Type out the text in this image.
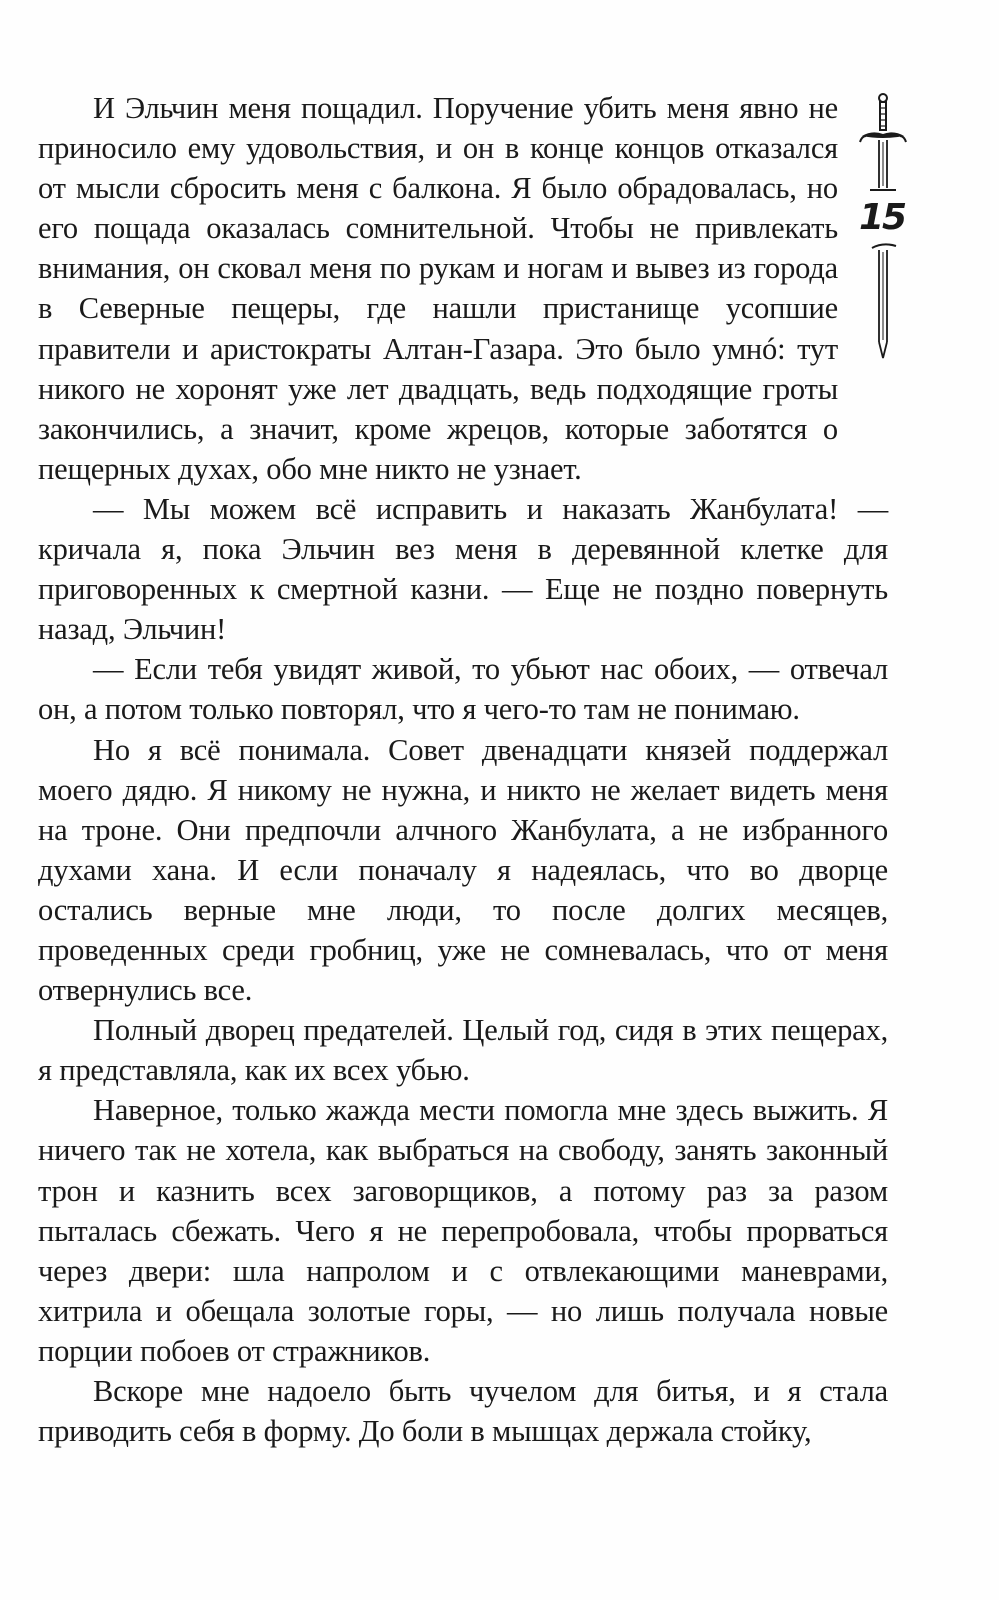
15

И Эльчин меня пощадил. Поручение убить меня явно не приносило ему удовольствия, и он в конце концов отказался от мысли сбросить меня с балкона. Я было обрадовалась, но его пощада оказалась сомнительной. Чтобы не привлекать внимания, он сковал меня по рукам и ногам и вывез из города в Северные пещеры, где нашли пристанище усопшие правители и аристократы Алтан-Газара. Это было умнó: тут никого не хоронят уже лет двадцать, ведь подходящие гроты закончились, а значит, кроме жрецов, которые заботятся о пещерных духах, обо мне никто не узнает.

— Мы можем всё исправить и наказать Жанбулата! — кричала я, пока Эльчин вез меня в деревянной клетке для приговоренных к смертной казни. — Еще не поздно повернуть назад, Эльчин!

— Если тебя увидят живой, то убьют нас обоих, — отвечал он, а потом только повторял, что я чего-то там не понимаю.

Но я всё понимала. Совет двенадцати князей поддержал моего дядю. Я никому не нужна, и никто не желает видеть меня на троне. Они предпочли алчного Жанбулата, а не избранного духами хана. И если поначалу я надеялась, что во дворце остались верные мне люди, то после долгих месяцев, проведенных среди гробниц, уже не сомневалась, что от меня отвернулись все.

Полный дворец предателей. Целый год, сидя в этих пещерах, я представляла, как их всех убью.

Наверное, только жажда мести помогла мне здесь выжить. Я ничего так не хотела, как выбраться на свободу, занять законный трон и казнить всех заговорщиков, а потому раз за разом пыталась сбежать. Чего я не перепробовала, чтобы прорваться через двери: шла напролом и с отвлекающими маневрами, хитрила и обещала золотые горы, — но лишь получала новые порции побоев от стражников.

Вскоре мне надоело быть чучелом для битья, и я стала приводить себя в форму. До боли в мышцах держала стойку,
